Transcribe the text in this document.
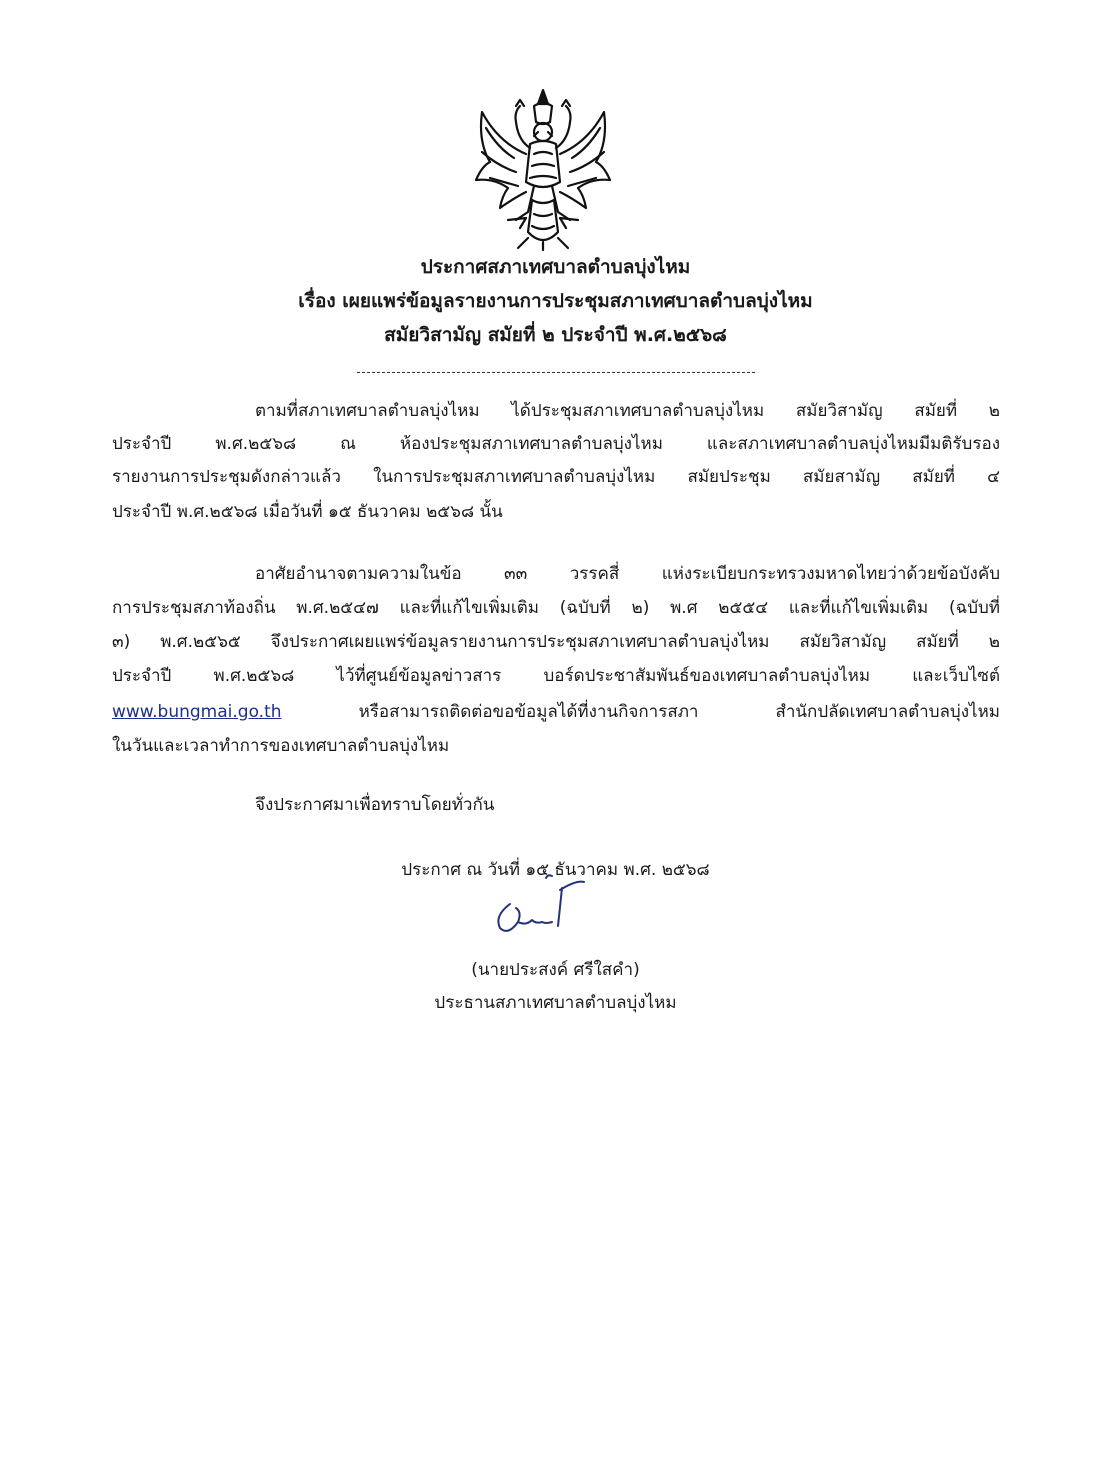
ประกาศสภาเทศบาลตำบลบุ่งไหม
เรื่อง เผยแพร่ข้อมูลรายงานการประชุมสภาเทศบาลตำบลบุ่งไหม
สมัยวิสามัญ สมัยที่ ๒ ประจำปี พ.ศ.๒๕๖๘
ตามที่สภาเทศบาลตำบลบุ่งไหม ได้ประชุมสภาเทศบาลตำบลบุ่งไหม สมัยวิสามัญ สมัยที่ ๒
ประจำปี พ.ศ.๒๕๖๘ ณ ห้องประชุมสภาเทศบาลตำบลบุ่งไหม และสภาเทศบาลตำบลบุ่งไหมมีมติรับรอง
รายงานการประชุมดังกล่าวแล้ว ในการประชุมสภาเทศบาลตำบลบุ่งไหม สมัยประชุม สมัยสามัญ สมัยที่ ๔
ประจำปี พ.ศ.๒๕๖๘ เมื่อวันที่ ๑๕ ธันวาคม ๒๕๖๘ นั้น
อาศัยอำนาจตามความในข้อ ๓๓ วรรคสี่ แห่งระเบียบกระทรวงมหาดไทยว่าด้วยข้อบังคับ
การประชุมสภาท้องถิ่น พ.ศ.๒๕๔๗ และที่แก้ไขเพิ่มเติม (ฉบับที่ ๒) พ.ศ ๒๕๕๔ และที่แก้ไขเพิ่มเติม (ฉบับที่
๓) พ.ศ.๒๕๖๕ จึงประกาศเผยแพร่ข้อมูลรายงานการประชุมสภาเทศบาลตำบลบุ่งไหม สมัยวิสามัญ สมัยที่ ๒
ประจำปี พ.ศ.๒๕๖๘ ไว้ที่ศูนย์ข้อมูลข่าวสาร บอร์ดประชาสัมพันธ์ของเทศบาลตำบลบุ่งไหม และเว็บไซต์
www.bungmai.go.th หรือสามารถติดต่อขอข้อมูลได้ที่งานกิจการสภา สำนักปลัดเทศบาลตำบลบุ่งไหม
ในวันและเวลาทำการของเทศบาลตำบลบุ่งไหม
จึงประกาศมาเพื่อทราบโดยทั่วกัน
ประกาศ ณ วันที่ ๑๕ ธันวาคม พ.ศ. ๒๕๖๘
(นายประสงค์ ศรีใสคำ)
ประธานสภาเทศบาลตำบลบุ่งไหม
